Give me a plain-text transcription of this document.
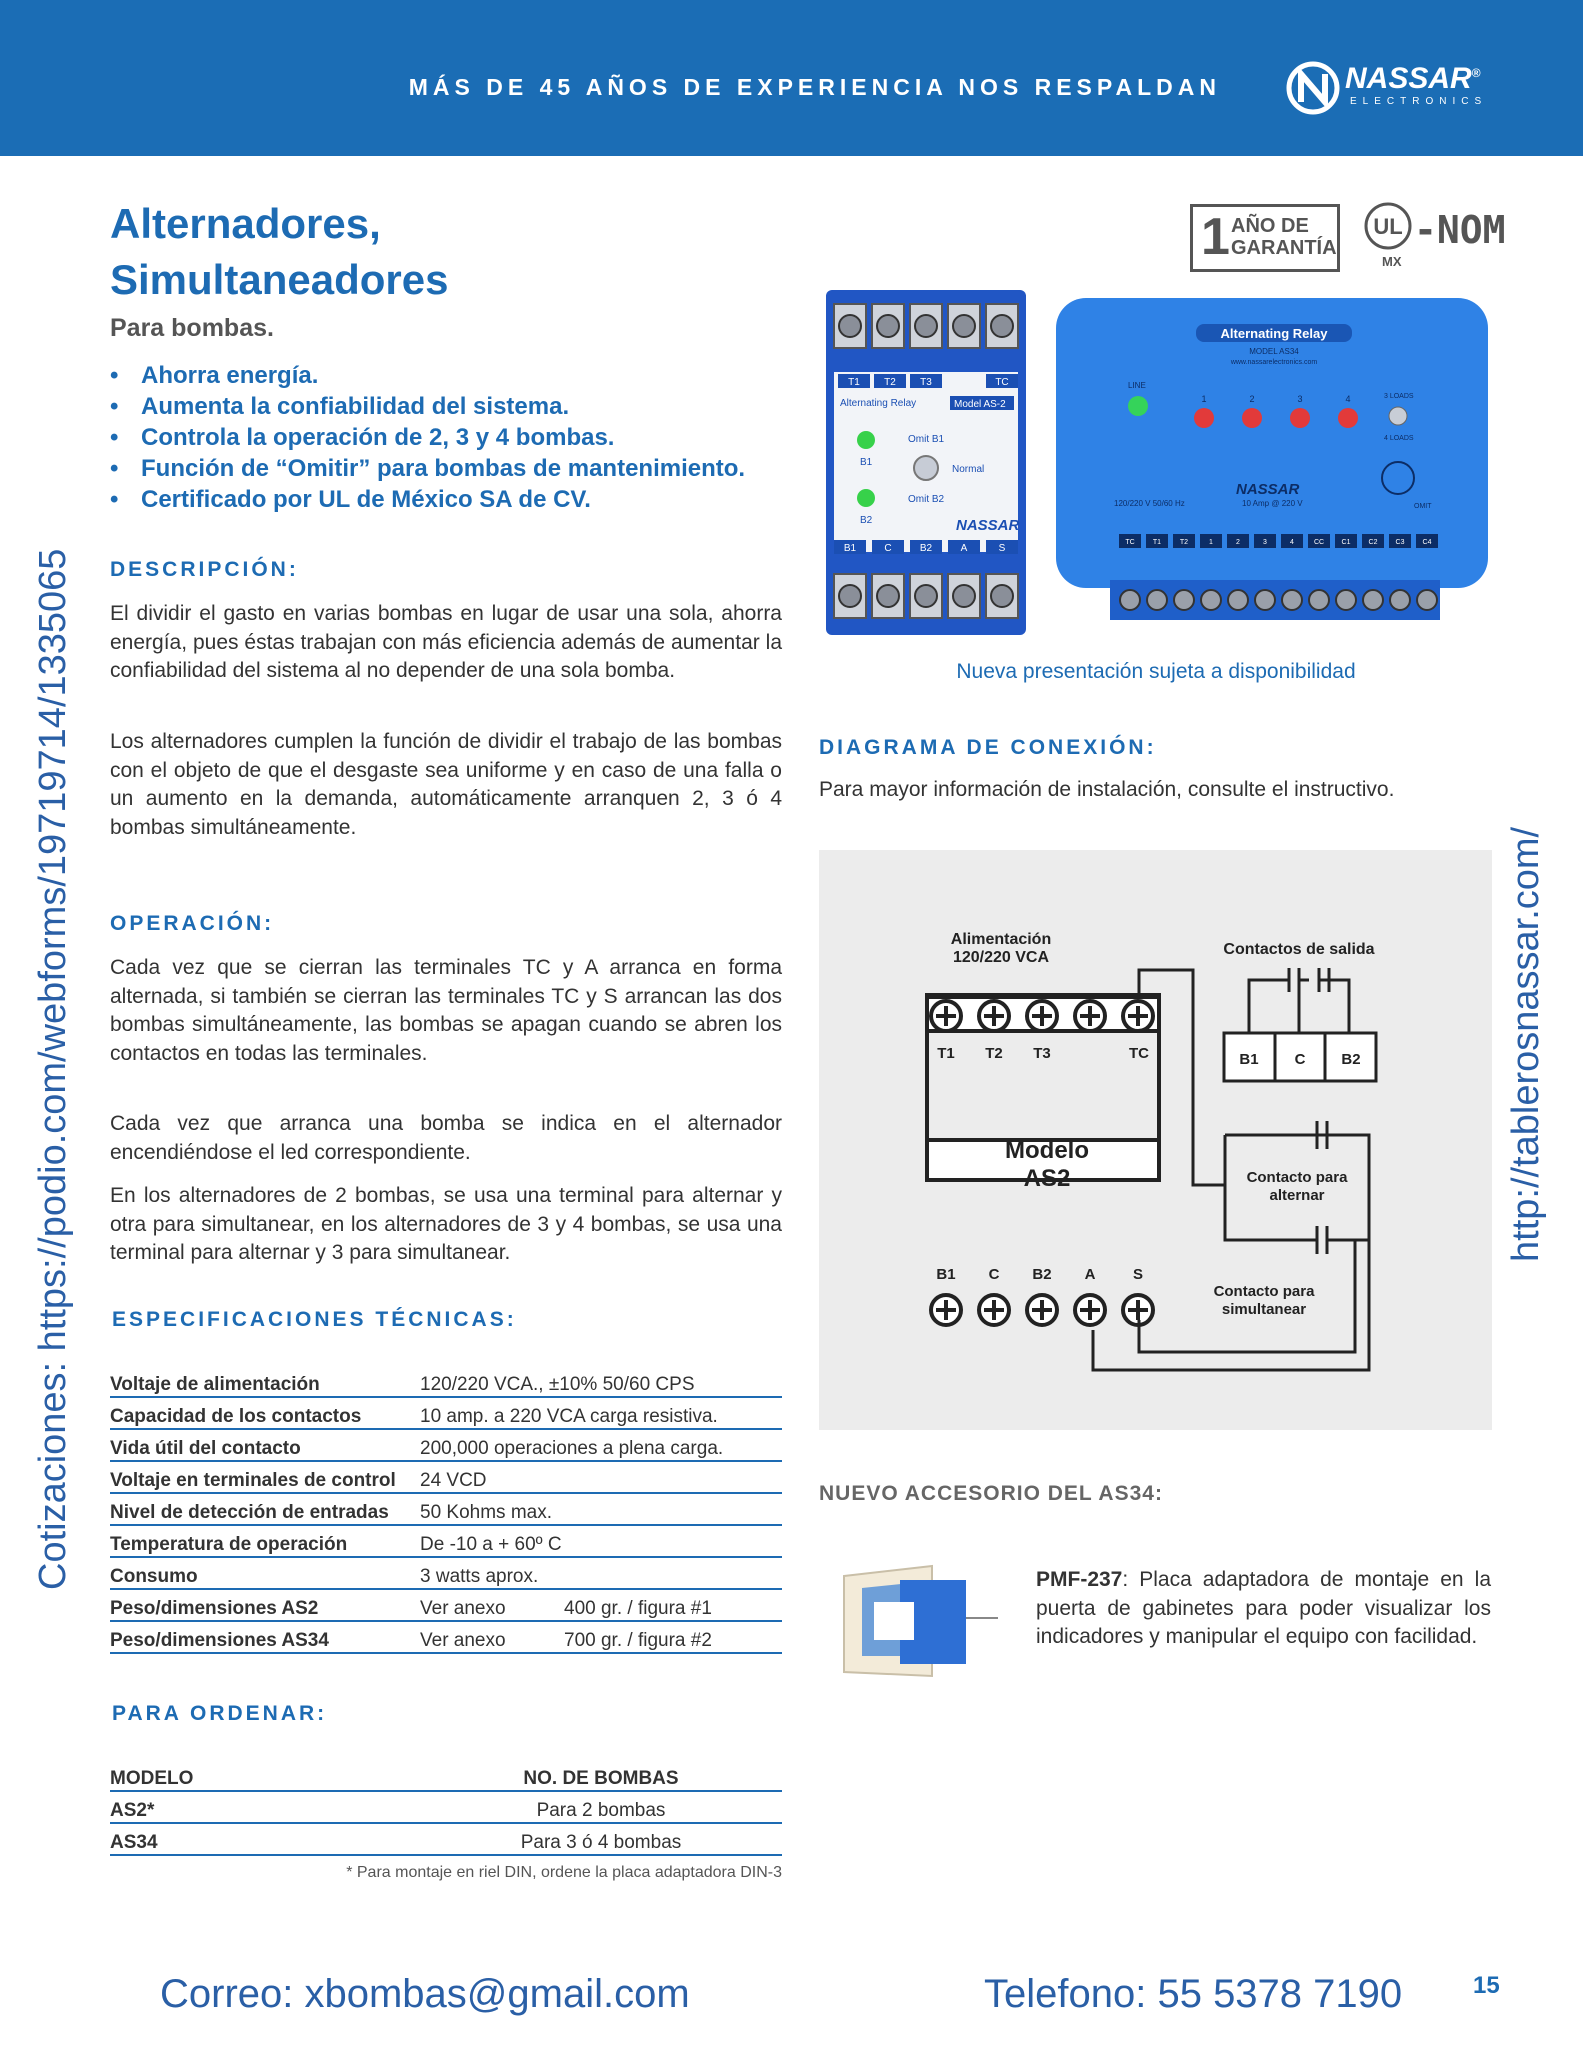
MÁS DE 45 AÑOS DE EXPERIENCIA NOS RESPALDAN	NASSAR®
ELECTRONICS
Cotizaciones: https://podio.com/webforms/19719714/1335065	http://tablerosnassar.com/
Alternadores,
Simultaneadores
Para bombas.
• Ahorra energía.
• Aumenta la confiabilidad del sistema.
• Controla la operación de 2, 3 y 4 bombas.
• Función de “Omitir” para bombas de mantenimiento.
• Certificado por UL de México SA de CV.
DESCRIPCIÓN:
El dividir el gasto en varias bombas en lugar de usar una sola, ahorra energía, pues éstas trabajan con más eficiencia además de aumentar la confiabilidad del sistema al no depender de una sola bomba.
Los alternadores cumplen la función de dividir el trabajo de las bombas con el objeto de que el desgaste sea uniforme y en caso de una falla o un aumento en la demanda, automáticamente arranquen 2, 3 ó 4 bombas simultáneamente.
OPERACIÓN:
Cada vez que se cierran las terminales TC y A arranca en forma alternada, si también se cierran las terminales TC y S arrancan las dos bombas simultáneamente, las bombas se apagan cuando se abren los contactos en todas las terminales.
Cada vez que arranca una bomba se indica en el alternador encendiéndose el led correspondiente.
En los alternadores de 2 bombas, se usa una terminal para alternar y otra para simultanear, en los alternadores de 3 y 4 bombas, se usa una terminal para alternar y 3 para simultanear.
ESPECIFICACIONES TÉCNICAS:
Voltaje de alimentación	120/220 VCA., ±10% 50/60 CPS	
Capacidad de los contactos	10 amp. a 220 VCA carga resistiva.	
Vida útil del contacto	200,000 operaciones a plena carga.	
Voltaje en terminales de control	24 VCD	
Nivel de detección de entradas	50 Kohms max.	
Temperatura de operación	De -10 a + 60º C	
Consumo	3 watts aprox.	
Peso/dimensiones AS2	Ver anexo	400 gr. / figura #1
Peso/dimensiones AS34	Ver anexo	700 gr. / figura #2
PARA ORDENAR:
MODELO	NO. DE BOMBAS
AS2*	Para 2 bombas
AS34	Para 3 ó 4 bombas
* Para montaje en riel DIN, ordene la placa adaptadora DIN-3
1 AÑO DE
GARANTÍA
UL
MX
-NOM
T1 T2 T3	TC
Alternating Relay	Model AS-2
B1
B2
Omit B1
Normal
Omit B2
NASSAR
B1	C	B2	A	S
Alternating Relay
MODEL AS34
www.nassarelectronics.com
LINE
1	2	3	4	3 LOADS
4 LOADS
120/220 V 50/60 Hz	10 Amp @ 220 V
NASSAR
OMIT
TC	T1	T2	1	2	3	4	CC C1	C2	C3	C4
Nueva presentación sujeta a disponibilidad
DIAGRAMA DE CONEXIÓN:
Para mayor información de instalación, consulte el instructivo.
Alimentación
120/220 VCA	Contactos de salida
T1 T2 T3	TC
B1 C B2 A	S
Modelo
AS2
B1 C B2
Contacto para
alternar
Contacto para
simultanear
NUEVO ACCESORIO DEL AS34:
PMF-237: Placa adaptadora de montaje en la puerta de gabinetes para poder visualizar los indicadores y manipular el equipo con facilidad.
Correo: xbombas@gmail.com	Telefono: 55 5378 7190	15
